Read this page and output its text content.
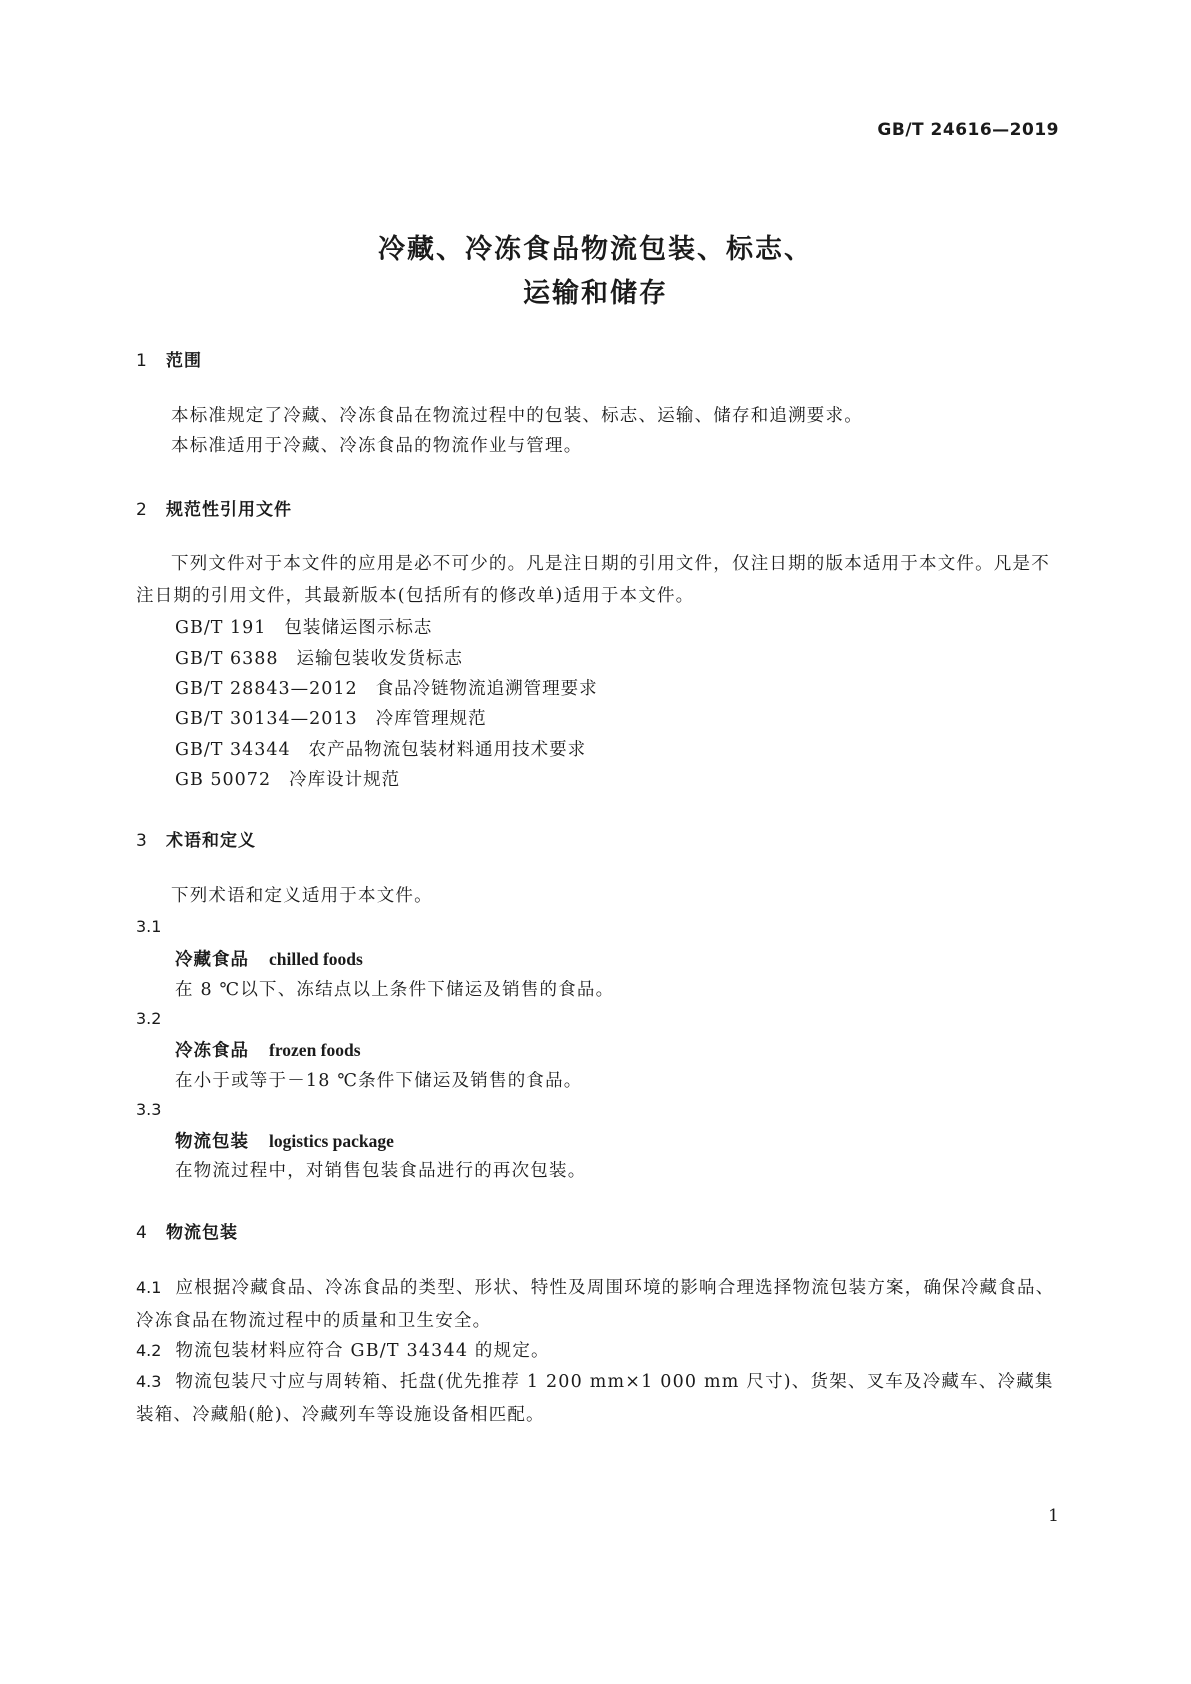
GB/T 24616—2019
冷藏、冷冻食品物流包装、标志、
运输和储存
1 范围
本标准规定了冷藏、冷冻食品在物流过程中的包装、标志、运输、储存和追溯要求。
本标准适用于冷藏、冷冻食品的物流作业与管理。
2 规范性引用文件
下列文件对于本文件的应用是必不可少的。凡是注日期的引用文件，仅注日期的版本适用于本文件。凡是不注日期的引用文件，其最新版本(包括所有的修改单)适用于本文件。
GB/T 191 包装储运图示标志
GB/T 6388 运输包装收发货标志
GB/T 28843—2012 食品冷链物流追溯管理要求
GB/T 30134—2013 冷库管理规范
GB/T 34344 农产品物流包装材料通用技术要求
GB 50072 冷库设计规范
3 术语和定义
下列术语和定义适用于本文件。
3.1
冷藏食品 chilled foods
在 8 ℃以下、冻结点以上条件下储运及销售的食品。
3.2
冷冻食品 frozen foods
在小于或等于－18 ℃条件下储运及销售的食品。
3.3
物流包装 logistics package
在物流过程中，对销售包装食品进行的再次包装。
4 物流包装
4.1 应根据冷藏食品、冷冻食品的类型、形状、特性及周围环境的影响合理选择物流包装方案，确保冷藏食品、冷冻食品在物流过程中的质量和卫生安全。
4.2 物流包装材料应符合 GB/T 34344 的规定。
4.3 物流包装尺寸应与周转箱、托盘(优先推荐 1 200 mm×1 000 mm 尺寸)、货架、叉车及冷藏车、冷藏集装箱、冷藏船(舱)、冷藏列车等设施设备相匹配。
1
